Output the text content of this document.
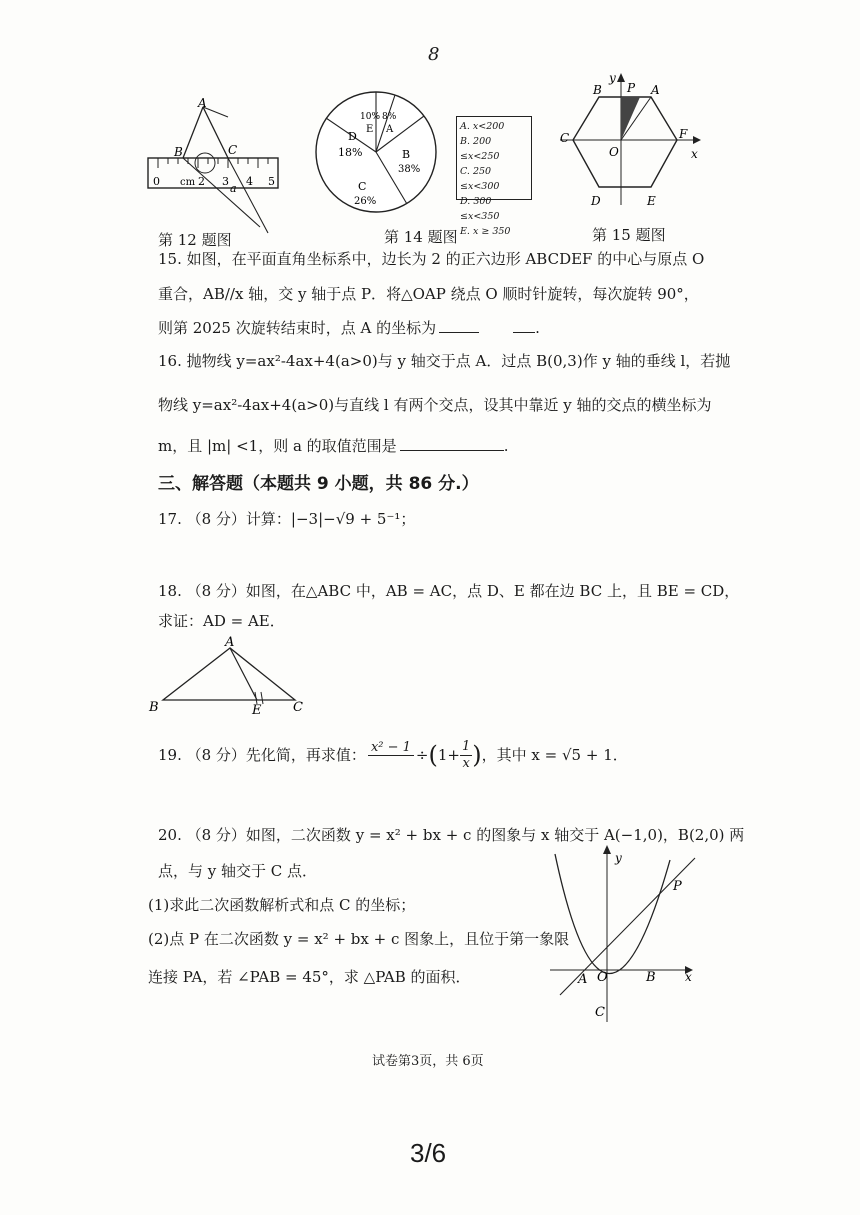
8
A
B	C
a
0 cm 2 3 4 5
第 12 题图
D
18%
10%
E
8%
A
B
38%
C
26%
A. x<200
B. 200 ≤x<250
C. 250 ≤x<300
D. 300 ≤x<350
E. x ≥ 350
第 14 题图
B	A
C	F
D	E
O
P
x
y
第 15 题图
15. 如图，在平面直角坐标系中，边长为 2 的正六边形 ABCDEF 的中心与原点 O
重合，AB//x 轴，交 y 轴于点 P．将△OAP 绕点 O 顺时针旋转，每次旋转 90°，
则第 2025 次旋转结束时，点 A 的坐标为	.
16. 抛物线 y=ax²-4ax+4(a>0)与 y 轴交于点 A．过点 B(0,3)作 y 轴的垂线 l，若抛
物线 y=ax²-4ax+4(a>0)与直线 l 有两个交点，设其中靠近 y 轴的交点的横坐标为
m，且 |m| <1，则 a 的取值范围是	.
三、解答题（本题共 9 小题，共 86 分.）
17. （8 分）计算：|−3|−√9 + 5⁻¹；
18. （8 分）如图，在△ABC 中，AB = AC，点 D、E 都在边 BC 上，且 BE = CD，
求证：AD = AE．
A
B	E C
19. （8 分）先化简，再求值： x² − 1 ÷ ( $1+ \frac{1}{x}$ ) ，其中 x = √5 + 1．
20. （8 分）如图，二次函数 y = x² + bx + c 的图象与 x 轴交于 A(−1,0)，B(2,0) 两
点，与 y 轴交于 C 点．
(1)求此二次函数解析式和点 C 的坐标；
(2)点 P 在二次函数 y = x² + bx + c 图象上，且位于第一象限
连接 PA，若 ∠PAB = 45°，求 △PAB 的面积．
y
P
A O	B x
C
试卷第3页，共 6页
3/6
